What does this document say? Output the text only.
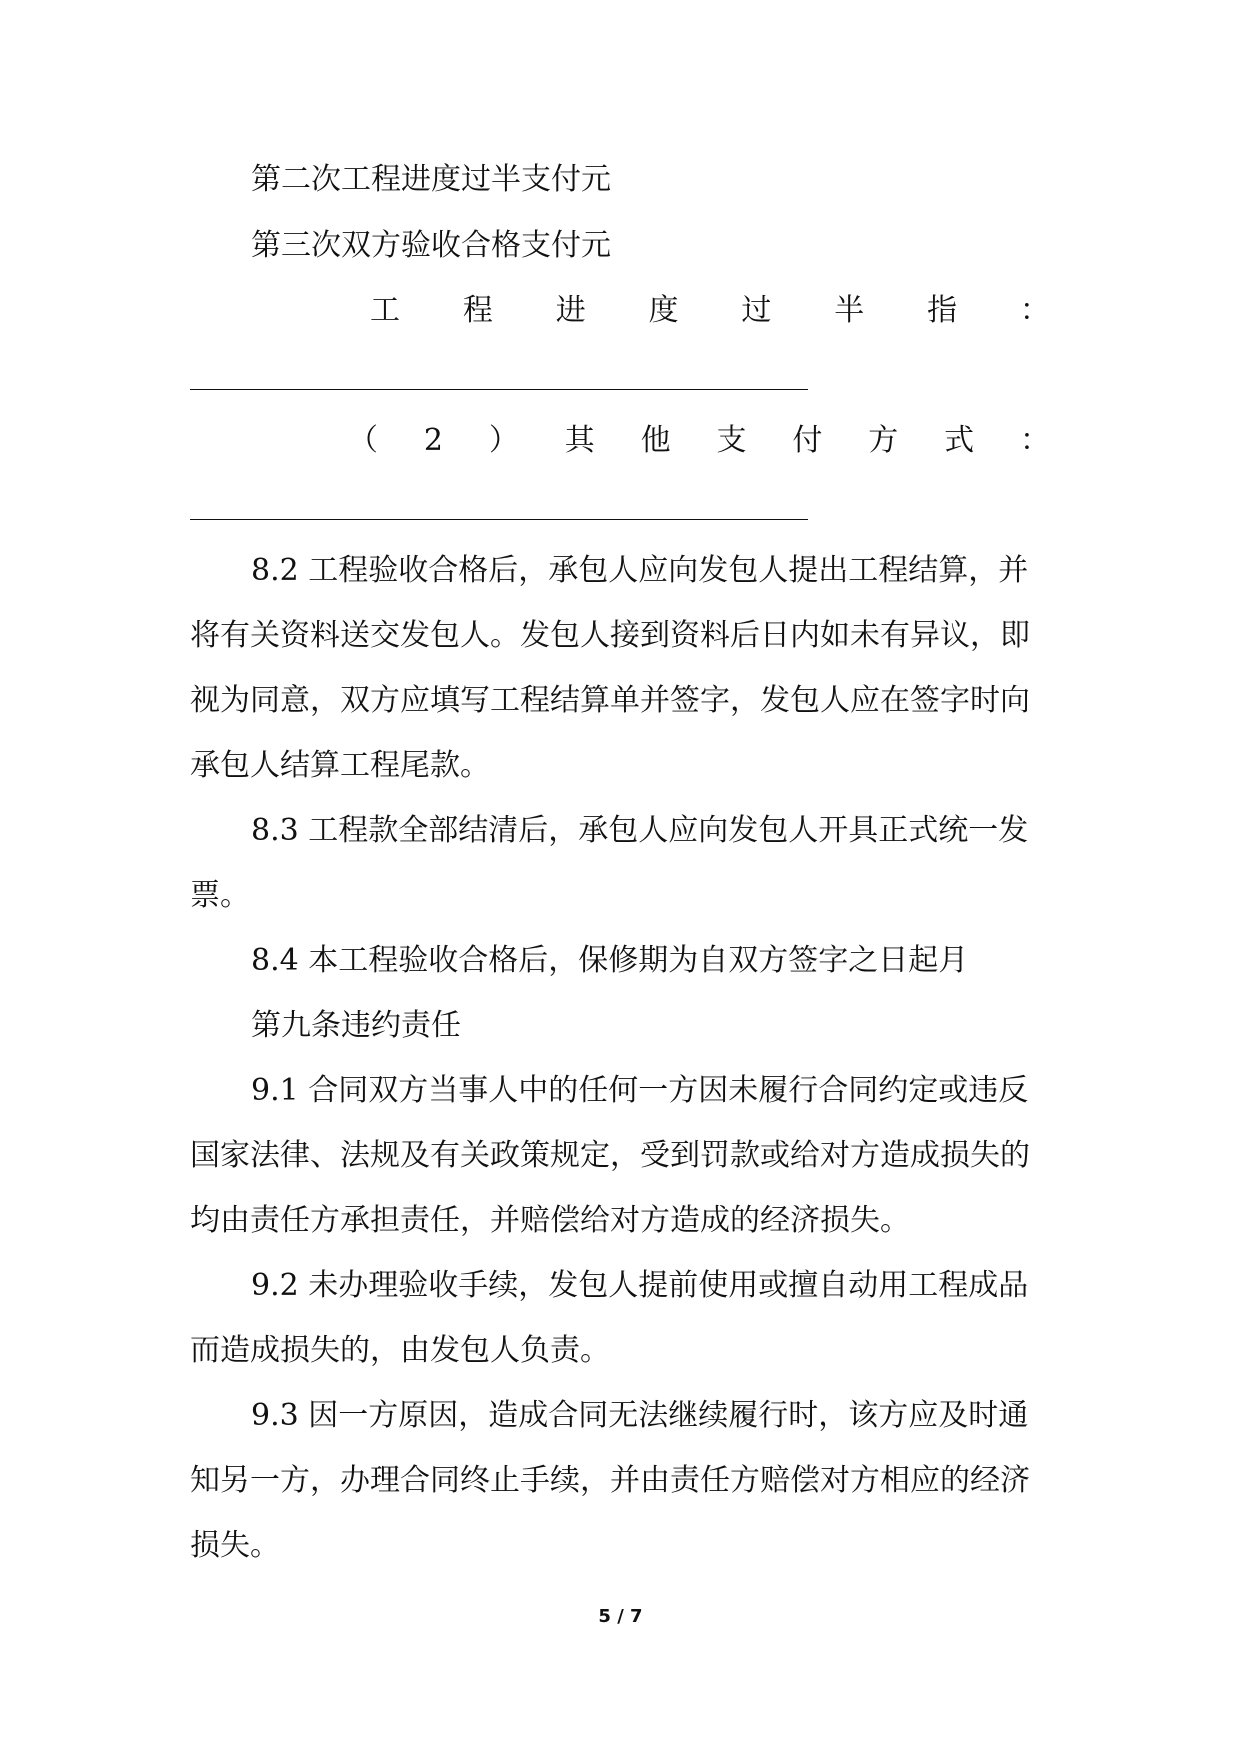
第二次工程进度过半支付元
第三次双方验收合格支付元
工 程 进 度 过 半 指 ：
（ 2 ） 其 他 支 付 方 式 ：
8.2 工程验收合格后，承包人应向发包人提出工程结算，并
将有关资料送交发包人。发包人接到资料后日内如未有异议，即
视为同意，双方应填写工程结算单并签字，发包人应在签字时向
承包人结算工程尾款。
8.3 工程款全部结清后，承包人应向发包人开具正式统一发
票。
8.4 本工程验收合格后，保修期为自双方签字之日起月
第九条违约责任
9.1 合同双方当事人中的任何一方因未履行合同约定或违反
国家法律、法规及有关政策规定，受到罚款或给对方造成损失的
均由责任方承担责任，并赔偿给对方造成的经济损失。
9.2 未办理验收手续，发包人提前使用或擅自动用工程成品
而造成损失的，由发包人负责。
9.3 因一方原因，造成合同无法继续履行时，该方应及时通
知另一方，办理合同终止手续，并由责任方赔偿对方相应的经济
损失。
5 / 7
